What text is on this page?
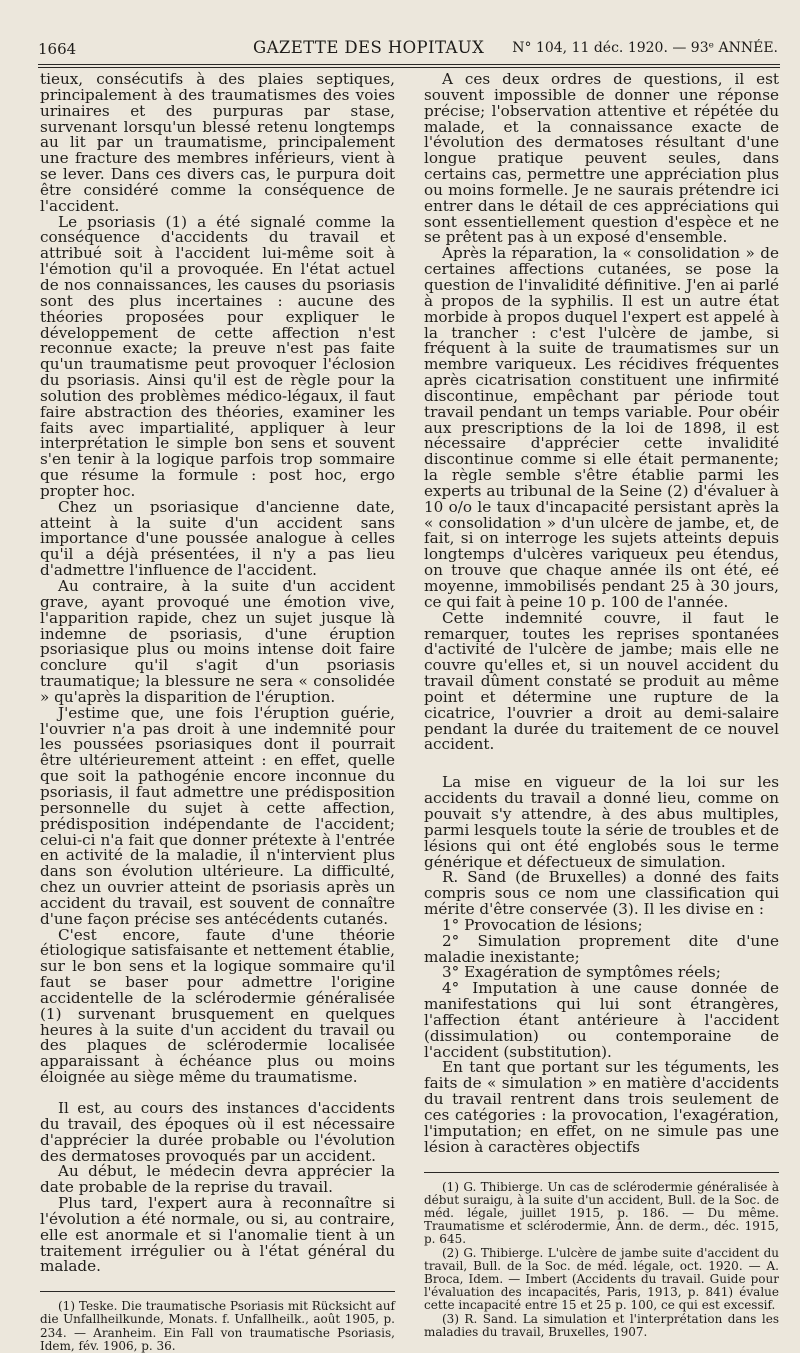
1664	GAZETTE DES HOPITAUX N° 104, 11 déc. 1920. — 93ᵉ ANNÉE.

tieux, consécutifs à des plaies septiques, principalement à des traumatismes des voies urinaires et des purpuras par stase, survenant lorsqu'un blessé retenu longtemps au lit par un traumatisme, principalement une fracture des membres inférieurs, vient à se lever. Dans ces divers cas, le purpura doit être considéré comme la conséquence de l'accident.

Le psoriasis (1) a été signalé comme la conséquence d'accidents du travail et attribué soit à l'accident lui-même soit à l'émotion qu'il a provoquée. En l'état actuel de nos connaissances, les causes du psoriasis sont des plus incertaines : aucune des théories proposées pour expliquer le développement de cette affection n'est reconnue exacte; la preuve n'est pas faite qu'un traumatisme peut provoquer l'éclosion du psoriasis. Ainsi qu'il est de règle pour la solution des problèmes médico-légaux, il faut faire abstraction des théories, examiner les faits avec impartialité, appliquer à leur interprétation le simple bon sens et souvent s'en tenir à la logique parfois trop sommaire que résume la formule : post hoc, ergo propter hoc.

Chez un psoriasique d'ancienne date, atteint à la suite d'un accident sans importance d'une poussée analogue à celles qu'il a déjà présentées, il n'y a pas lieu d'admettre l'influence de l'accident.

Au contraire, à la suite d'un accident grave, ayant provoqué une émotion vive, l'apparition rapide, chez un sujet jusque là indemne de psoriasis, d'une éruption psoriasique plus ou moins intense doit faire conclure qu'il s'agit d'un psoriasis traumatique; la blessure ne sera « consolidée » qu'après la disparition de l'éruption.

J'estime que, une fois l'éruption guérie, l'ouvrier n'a pas droit à une indemnité pour les poussées psoriasiques dont il pourrait être ultérieurement atteint : en effet, quelle que soit la pathogénie encore inconnue du psoriasis, il faut admettre une prédisposition personnelle du sujet à cette affection, prédisposition indépendante de l'accident; celui-ci n'a fait que donner prétexte à l'entrée en activité de la maladie, il n'intervient plus dans son évolution ultérieure. La difficulté, chez un ouvrier atteint de psoriasis après un accident du travail, est souvent de connaître d'une façon précise ses antécédents cutanés.

C'est encore, faute d'une théorie étiologique satisfaisante et nettement établie, sur le bon sens et la logique sommaire qu'il faut se baser pour admettre l'origine accidentelle de la sclérodermie généralisée (1) survenant brusquement en quelques heures à la suite d'un accident du travail ou des plaques de sclérodermie localisée apparaissant à échéance plus ou moins éloignée au siège même du traumatisme.

Il est, au cours des instances d'accidents du travail, des époques où il est nécessaire d'apprécier la durée probable ou l'évolution des dermatoses provoqués par un accident.

Au début, le médecin devra apprécier la date probable de la reprise du travail.

Plus tard, l'expert aura à reconnaître si l'évolution a été normale, ou si, au contraire, elle est anormale et si l'anomalie tient à un traitement irrégulier ou à l'état général du malade.

(1) Teske. Die traumatische Psoriasis mit Rücksicht auf die Unfallheilkunde, Monats. f. Unfallheilk., août 1905, p. 234. — Aranheim. Ein Fall von traumatische Psoriasis, Idem, fév. 1906, p. 36.

A ces deux ordres de questions, il est souvent impossible de donner une réponse précise; l'observation attentive et répétée du malade, et la connaissance exacte de l'évolution des dermatoses résultant d'une longue pratique peuvent seules, dans certains cas, permettre une appréciation plus ou moins formelle. Je ne saurais prétendre ici entrer dans le détail de ces appréciations qui sont essentiellement question d'espèce et ne se prêtent pas à un exposé d'ensemble.

Après la réparation, la « consolidation » de certaines affections cutanées, se pose la question de l'invalidité définitive. J'en ai parlé à propos de la syphilis. Il est un autre état morbide à propos duquel l'expert est appelé à la trancher : c'est l'ulcère de jambe, si fréquent à la suite de traumatismes sur un membre variqueux. Les récidives fréquentes après cicatrisation constituent une infirmité discontinue, empêchant par période tout travail pendant un temps variable. Pour obéir aux prescriptions de la loi de 1898, il est nécessaire d'apprécier cette invalidité discontinue comme si elle était permanente; la règle semble s'être établie parmi les experts au tribunal de la Seine (2) d'évaluer à 10 o/o le taux d'incapacité persistant après la « consolidation » d'un ulcère de jambe, et, de fait, si on interroge les sujets atteints depuis longtemps d'ulcères variqueux peu étendus, on trouve que chaque année ils ont été, eé moyenne, immobilisés pendant 25 à 30 jours, ce qui fait à peine 10 p. 100 de l'année.

Cette indemnité couvre, il faut le remarquer, toutes les reprises spontanées d'activité de l'ulcère de jambe; mais elle ne couvre qu'elles et, si un nouvel accident du travail dûment constaté se produit au même point et détermine une rupture de la cicatrice, l'ouvrier a droit au demi-salaire pendant la durée du traitement de ce nouvel accident.

La mise en vigueur de la loi sur les accidents du travail a donné lieu, comme on pouvait s'y attendre, à des abus multiples, parmi lesquels toute la série de troubles et de lésions qui ont été englobés sous le terme générique et défectueux de simulation.

R. Sand (de Bruxelles) a donné des faits compris sous ce nom une classification qui mérite d'être conservée (3). Il les divise en :

1° Provocation de lésions;

2° Simulation proprement dite d'une maladie inexistante;

3° Exagération de symptômes réels;

4° Imputation à une cause donnée de manifestations qui lui sont étrangères, l'affection étant antérieure à l'accident (dissimulation) ou contemporaine de l'accident (substitution).

En tant que portant sur les téguments, les faits de « simulation » en matière d'accidents du travail rentrent dans trois seulement de ces catégories : la provocation, l'exagération, l'imputation; en effet, on ne simule pas une lésion à caractères objectifs

(1) G. Thibierge. Un cas de sclérodermie généralisée à début suraigu, à la suite d'un accident, Bull. de la Soc. de méd. légale, juillet 1915, p. 186. — Du même. Traumatisme et sclérodermie, Ann. de derm., déc. 1915, p. 645.

(2) G. Thibierge. L'ulcère de jambe suite d'accident du travail, Bull. de la Soc. de méd. légale, oct. 1920. — A. Broca, Idem. — Imbert (Accidents du travail. Guide pour l'évaluation des incapacités, Paris, 1913, p. 841) évalue cette incapacité entre 15 et 25 p. 100, ce qui est excessif.

(3) R. Sand. La simulation et l'interprétation dans les maladies du travail, Bruxelles, 1907.
